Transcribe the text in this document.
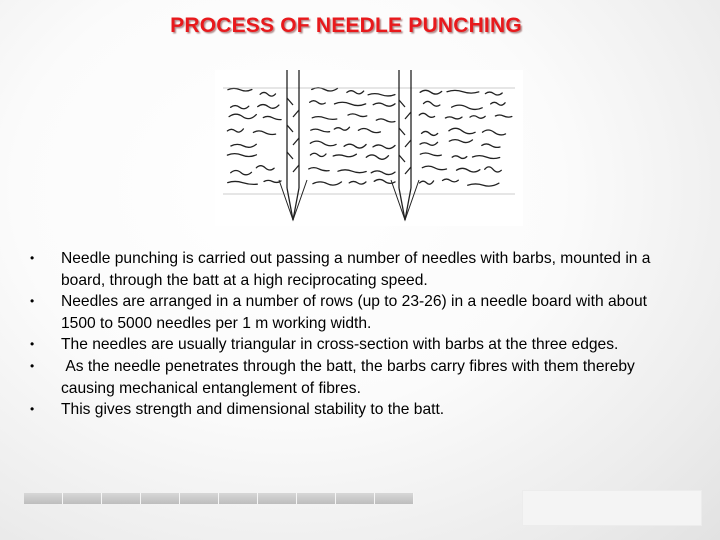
PROCESS OF NEEDLE PUNCHING
• Needle punching is carried out passing a number of needles with barbs, mounted in a board, through the batt at a high reciprocating speed.
• Needles are arranged in a number of rows (up to 23-26) in a needle board with about 1500 to 5000 needles per 1 m working width.
• The needles are usually triangular in cross-section with barbs at the three edges.
• As the needle penetrates through the batt, the barbs carry fibres with them thereby causing mechanical entanglement of fibres.
• This gives strength and dimensional stability to the batt.
